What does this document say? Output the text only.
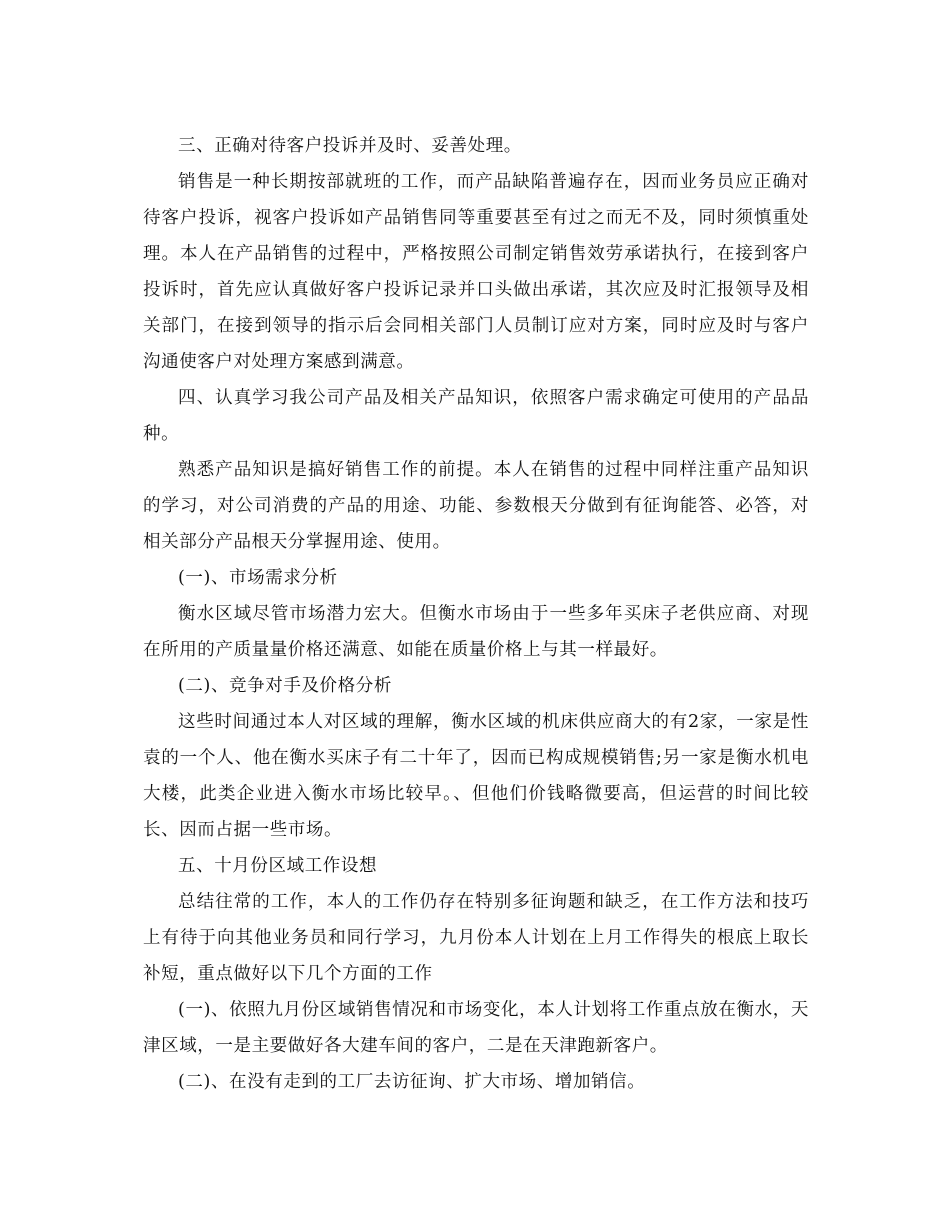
三、正确对待客户投诉并及时、妥善处理。

销售是一种长期按部就班的工作，而产品缺陷普遍存在，因而业务员应正确对待客户投诉，视客户投诉如产品销售同等重要甚至有过之而无不及，同时须慎重处理。本人在产品销售的过程中，严格按照公司制定销售效劳承诺执行，在接到客户投诉时，首先应认真做好客户投诉记录并口头做出承诺，其次应及时汇报领导及相关部门，在接到领导的指示后会同相关部门人员制订应对方案，同时应及时与客户沟通使客户对处理方案感到满意。

四、认真学习我公司产品及相关产品知识，依照客户需求确定可使用的产品品种。

熟悉产品知识是搞好销售工作的前提。本人在销售的过程中同样注重产品知识的学习，对公司消费的产品的用途、功能、参数根天分做到有征询能答、必答，对相关部分产品根天分掌握用途、使用。

(一)、市场需求分析

衡水区域尽管市场潜力宏大。但衡水市场由于一些多年买床子老供应商、对现在所用的产质量量价格还满意、如能在质量价格上与其一样最好。

(二)、竞争对手及价格分析

这些时间通过本人对区域的理解，衡水区域的机床供应商大的有2家，一家是性袁的一个人、他在衡水买床子有二十年了，因而已构成规模销售;另一家是衡水机电大楼，此类企业进入衡水市场比较早。、但他们价钱略微要高，但运营的时间比较长、因而占据一些市场。

五、十月份区域工作设想

总结往常的工作，本人的工作仍存在特别多征询题和缺乏，在工作方法和技巧上有待于向其他业务员和同行学习，九月份本人计划在上月工作得失的根底上取长补短，重点做好以下几个方面的工作

(一)、依照九月份区域销售情况和市场变化，本人计划将工作重点放在衡水，天津区域，一是主要做好各大建车间的客户，二是在天津跑新客户。

(二)、在没有走到的工厂去访征询、扩大市场、增加销信。
